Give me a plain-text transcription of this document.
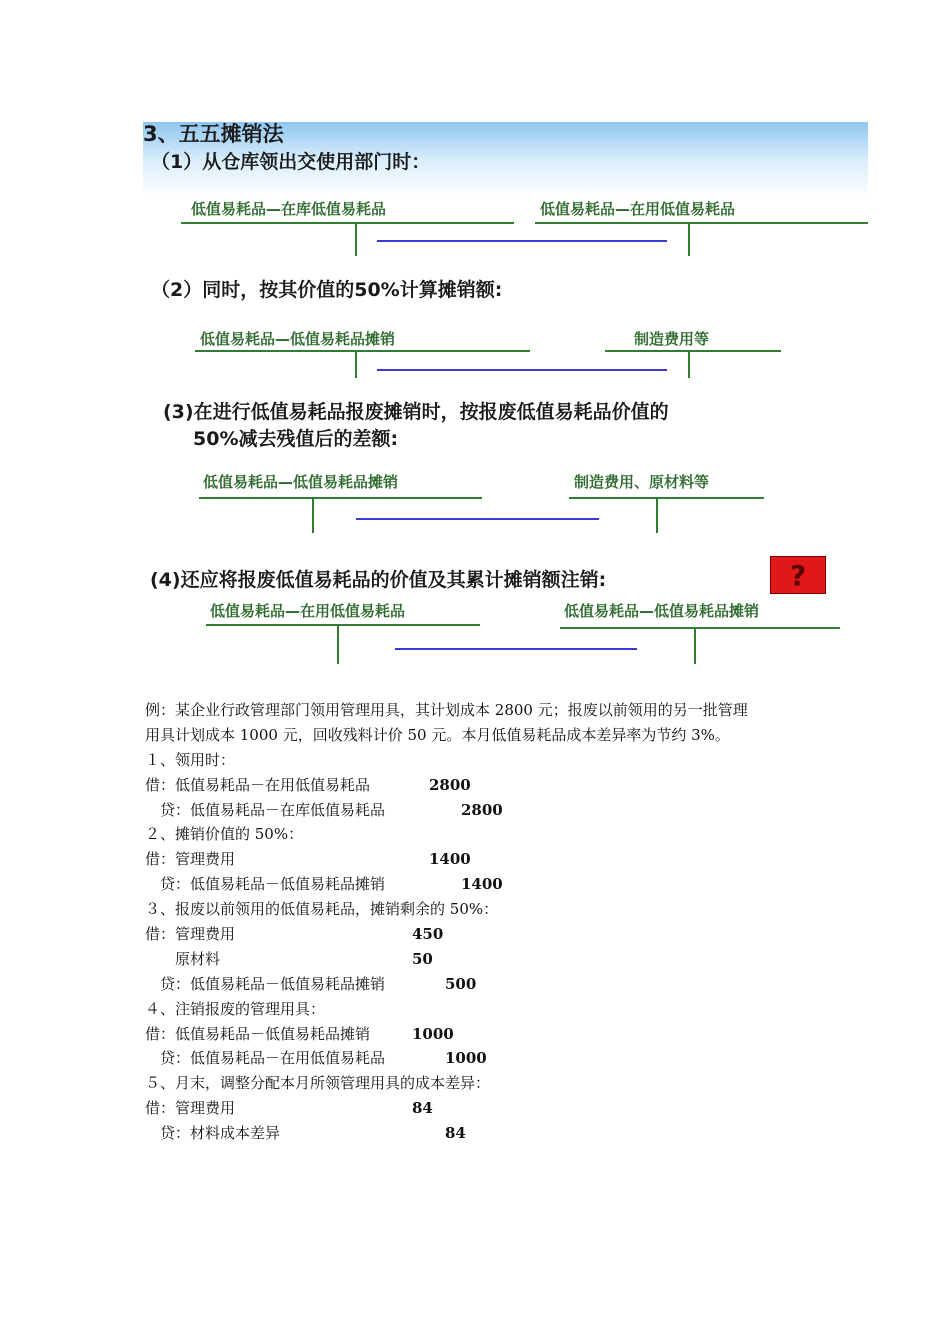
3、五五摊销法
（1）从仓库领出交使用部门时：
低值易耗品—在库低值易耗品	低值易耗品—在用低值易耗品
（2）同时，按其价值的50%计算摊销额:
低值易耗品—低值易耗品摊销	制造费用等
(3)在进行低值易耗品报废摊销时，按报废低值易耗品价值的
50%减去残值后的差额:
低值易耗品—低值易耗品摊销	制造费用、原材料等
(4)还应将报废低值易耗品的价值及其累计摊销额注销:	?
低值易耗品—在用低值易耗品	低值易耗品—低值易耗品摊销
例：某企业行政管理部门领用管理用具，其计划成本 2800 元；报废以前领用的另一批管理
用具计划成本 1000 元，回收残料计价 50 元。本月低值易耗品成本差异率为节约 3%。
１、领用时：
借：低值易耗品－在用低值易耗品	2800
　贷：低值易耗品－在库低值易耗品	2800
２、摊销价值的 50%：
借：管理费用	1400
　贷：低值易耗品－低值易耗品摊销	1400
３、报废以前领用的低值易耗品，摊销剩余的 50%：
借：管理费用	450
　　原材料	50
　贷：低值易耗品－低值易耗品摊销	500
４、注销报废的管理用具：
借：低值易耗品－低值易耗品摊销	1000
　贷：低值易耗品－在用低值易耗品	1000
５、月末，调整分配本月所领管理用具的成本差异：
借：管理费用	84
　贷：材料成本差异	84
